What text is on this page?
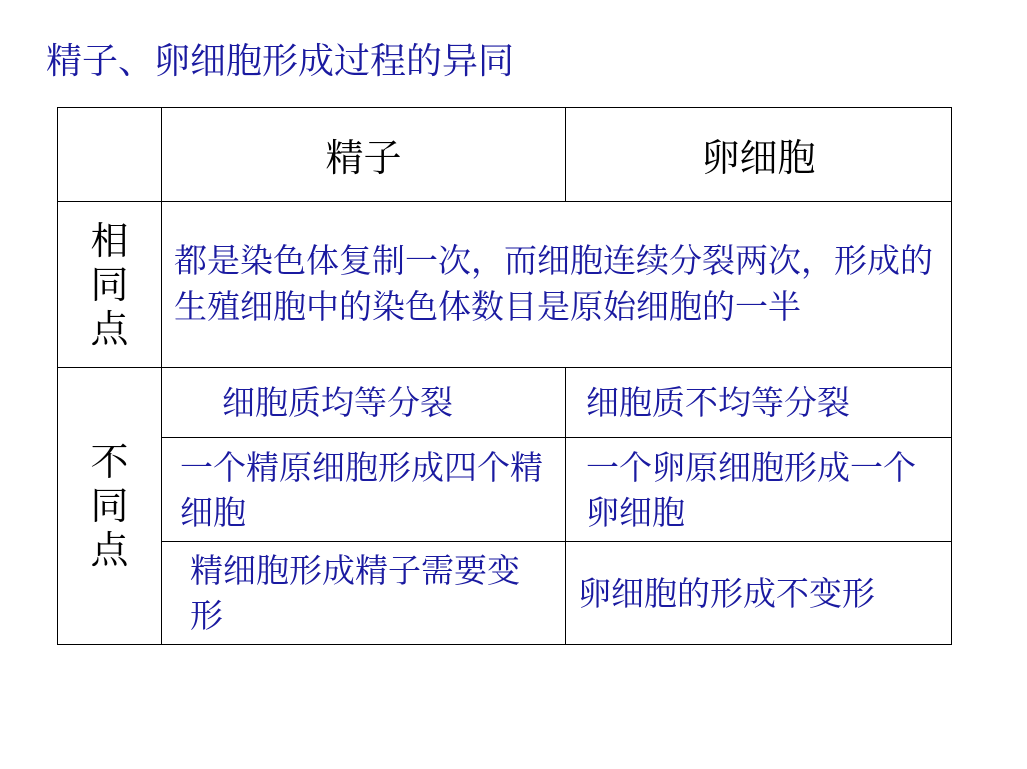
精子、卵细胞形成过程的异同
	精子	卵细胞

相
同
点	都是染色体复制一次，而细胞连续分裂两次，形成的生殖细胞中的染色体数目是原始细胞的一半	

不
同
点	细胞质均等分裂	细胞质不均等分裂
	一个精原细胞形成四个精细胞	一个卵原细胞形成一个卵细胞
	精细胞形成精子需要变形	卵细胞的形成不变形
